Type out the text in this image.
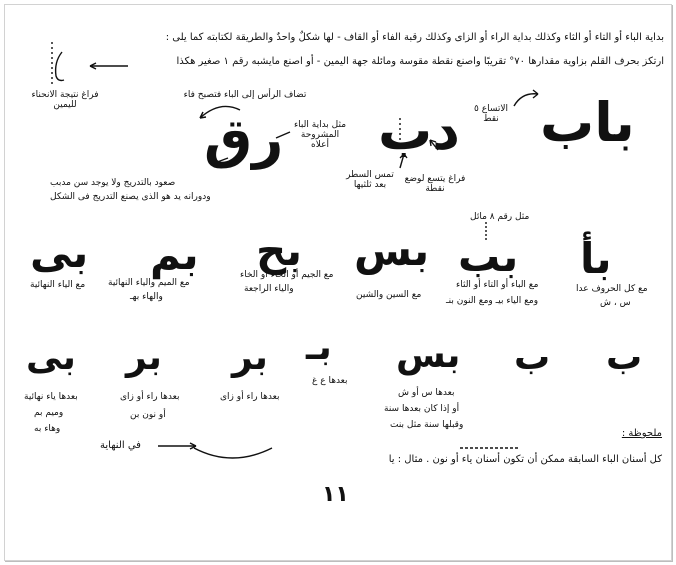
بداية الباء أو التاء أو الثاء وكذلك بداية الراء أو الزاى وكذلك رقبة الفاء أو القاف - لها شكلٌ واحدٌ والطريقة لكتابته كما يلى :
ارتكز بحرف القلم بزاوية مقدارها ٧٠° تقريبًا واصنع نقطة مقوسة ومائلة جهة اليمين - أو اصنع مايشبه رقم ١ صغير هكذا
فراغ نتيجة الانحناء لليمين	باب
الاتساع ٥ نقط
دب
فراغ يتسع لوضع نقطة
تمس السطر بعد ثلثيها
رق مثل بداية الباء المشروحة أعلاه
تضاف الرأس إلى الباء فتصبح فاء
صعود بالتدريج ولا يوجد سن مدبب
ودورانه يد هو الذى يصنع التدريج فى الشكل
بأ
مع كل الحروف عدا
س ، ش
مثل رقم ٨ مائل
بب
مع الباء أو التاء أو الثاء
ومع الياء بيـ ومع النون بنـ
بس
مع السين والشين
بح
مع الجيم أو الحاء أو الخاء
والياء الراجعة
بم
مع الميم والياء النهائية
والهاء بهـ
بى
مع الياء النهائية
ب
ب
بس
بعدها س أو ش
أو إذا كان بعدها سنة
وقبلها سنة مثل بنت
بـ
بعدها ع غ
بر
بعدها راء أو زاى
بر
بعدها راء أو زاى
أو نون بن
بى
بعدها ياء نهائية
وميم بم
وهاء به
في النهاية
ملحوظة :
كل أسنان الباء السابقة ممكن أن تكون أسنان ياء أو نون . مثال : يا
١١
